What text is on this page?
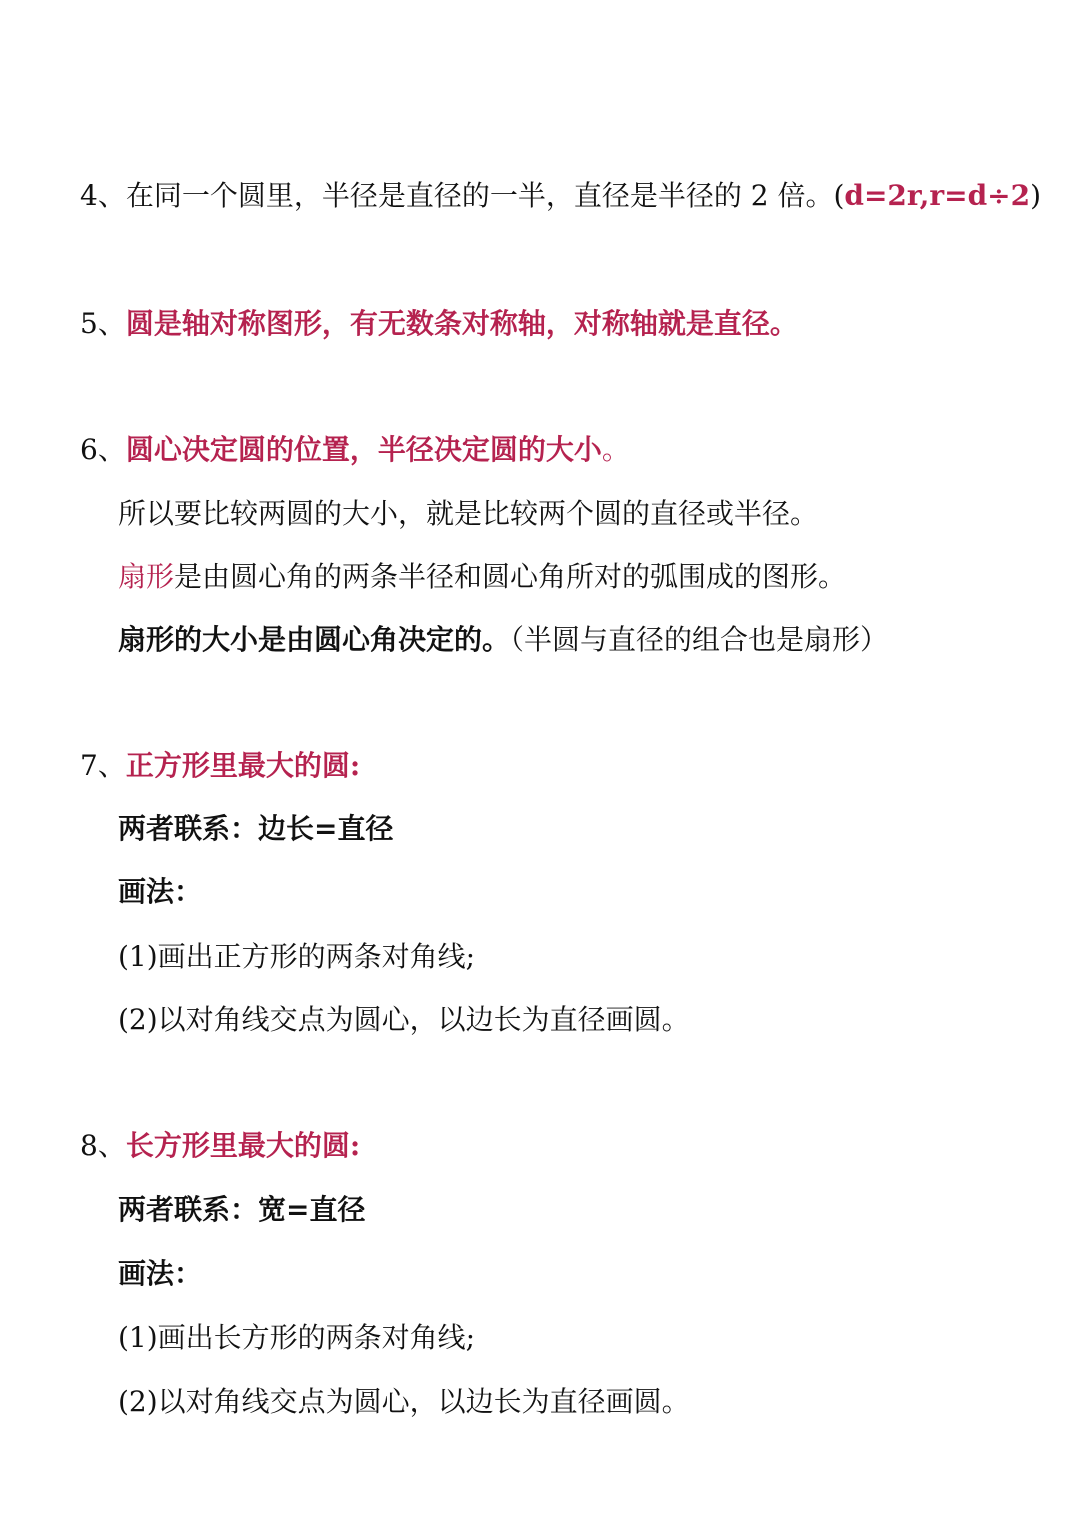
4、在同一个圆里，半径是直径的一半，直径是半径的 2 倍。(d=2r,r=d÷2)
5、圆是轴对称图形，有无数条对称轴，对称轴就是直径。
6、圆心决定圆的位置，半径决定圆的大小。
所以要比较两圆的大小，就是比较两个圆的直径或半径。
扇形是由圆心角的两条半径和圆心角所对的弧围成的图形。
扇形的大小是由圆心角决定的。（半圆与直径的组合也是扇形）
7、正方形里最大的圆:
两者联系：边长=直径
画法：
(1)画出正方形的两条对角线;
(2)以对角线交点为圆心，以边长为直径画圆。
8、长方形里最大的圆:
两者联系：宽=直径
画法：
(1)画出长方形的两条对角线;
(2)以对角线交点为圆心，以边长为直径画圆。
